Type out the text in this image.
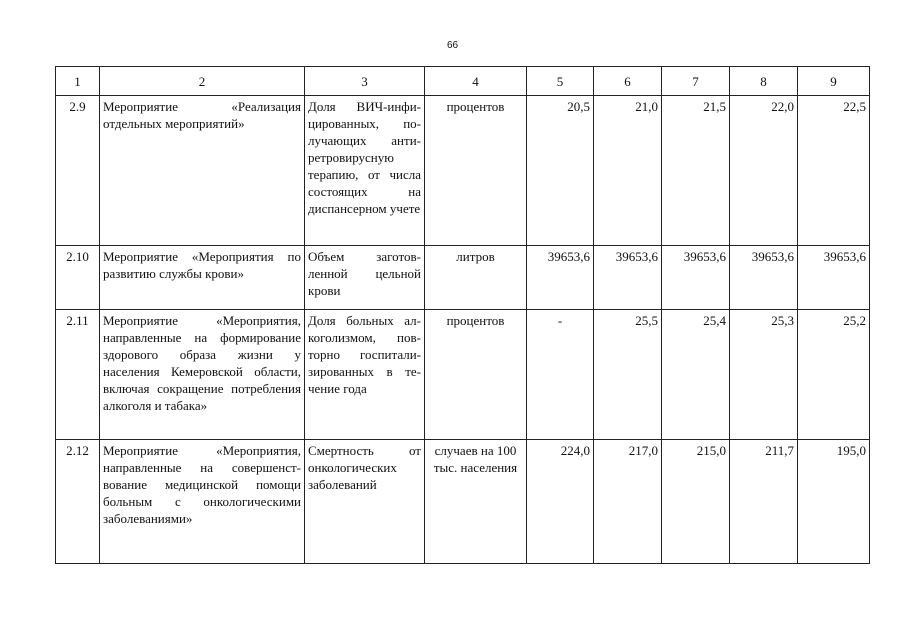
66
1	2	3	4	5	6	7	8	9
2.9	Мероприятие «Реализация отдельных мероприятий»	Доля ВИЧ-инфицированных, получающих антиретровирусную терапию, от числа состоящих на диспансерном учете	процентов	20,5	21,0	21,5	22,0	22,5
2.10	Мероприятие «Мероприятия по развитию службы крови»	Объем заготовленной цельной крови	литров	39653,6	39653,6	39653,6	39653,6	39653,6
2.11	Мероприятие «Мероприятия, направленные на формирование здорового образа жизни у населения Кемеровской области, включая сокращение потребления алкоголя и табака»	Доля больных алкоголизмом, повторно госпитализированных в течение года	процентов	-	25,5	25,4	25,3	25,2
2.12	Мероприятие «Мероприятия, направленные на совершенствование медицинской помощи больным с онкологическими заболеваниями»	Смертность от онкологических заболеваний	случаев на 100 тыс. населения	224,0	217,0	215,0	211,7	195,0
